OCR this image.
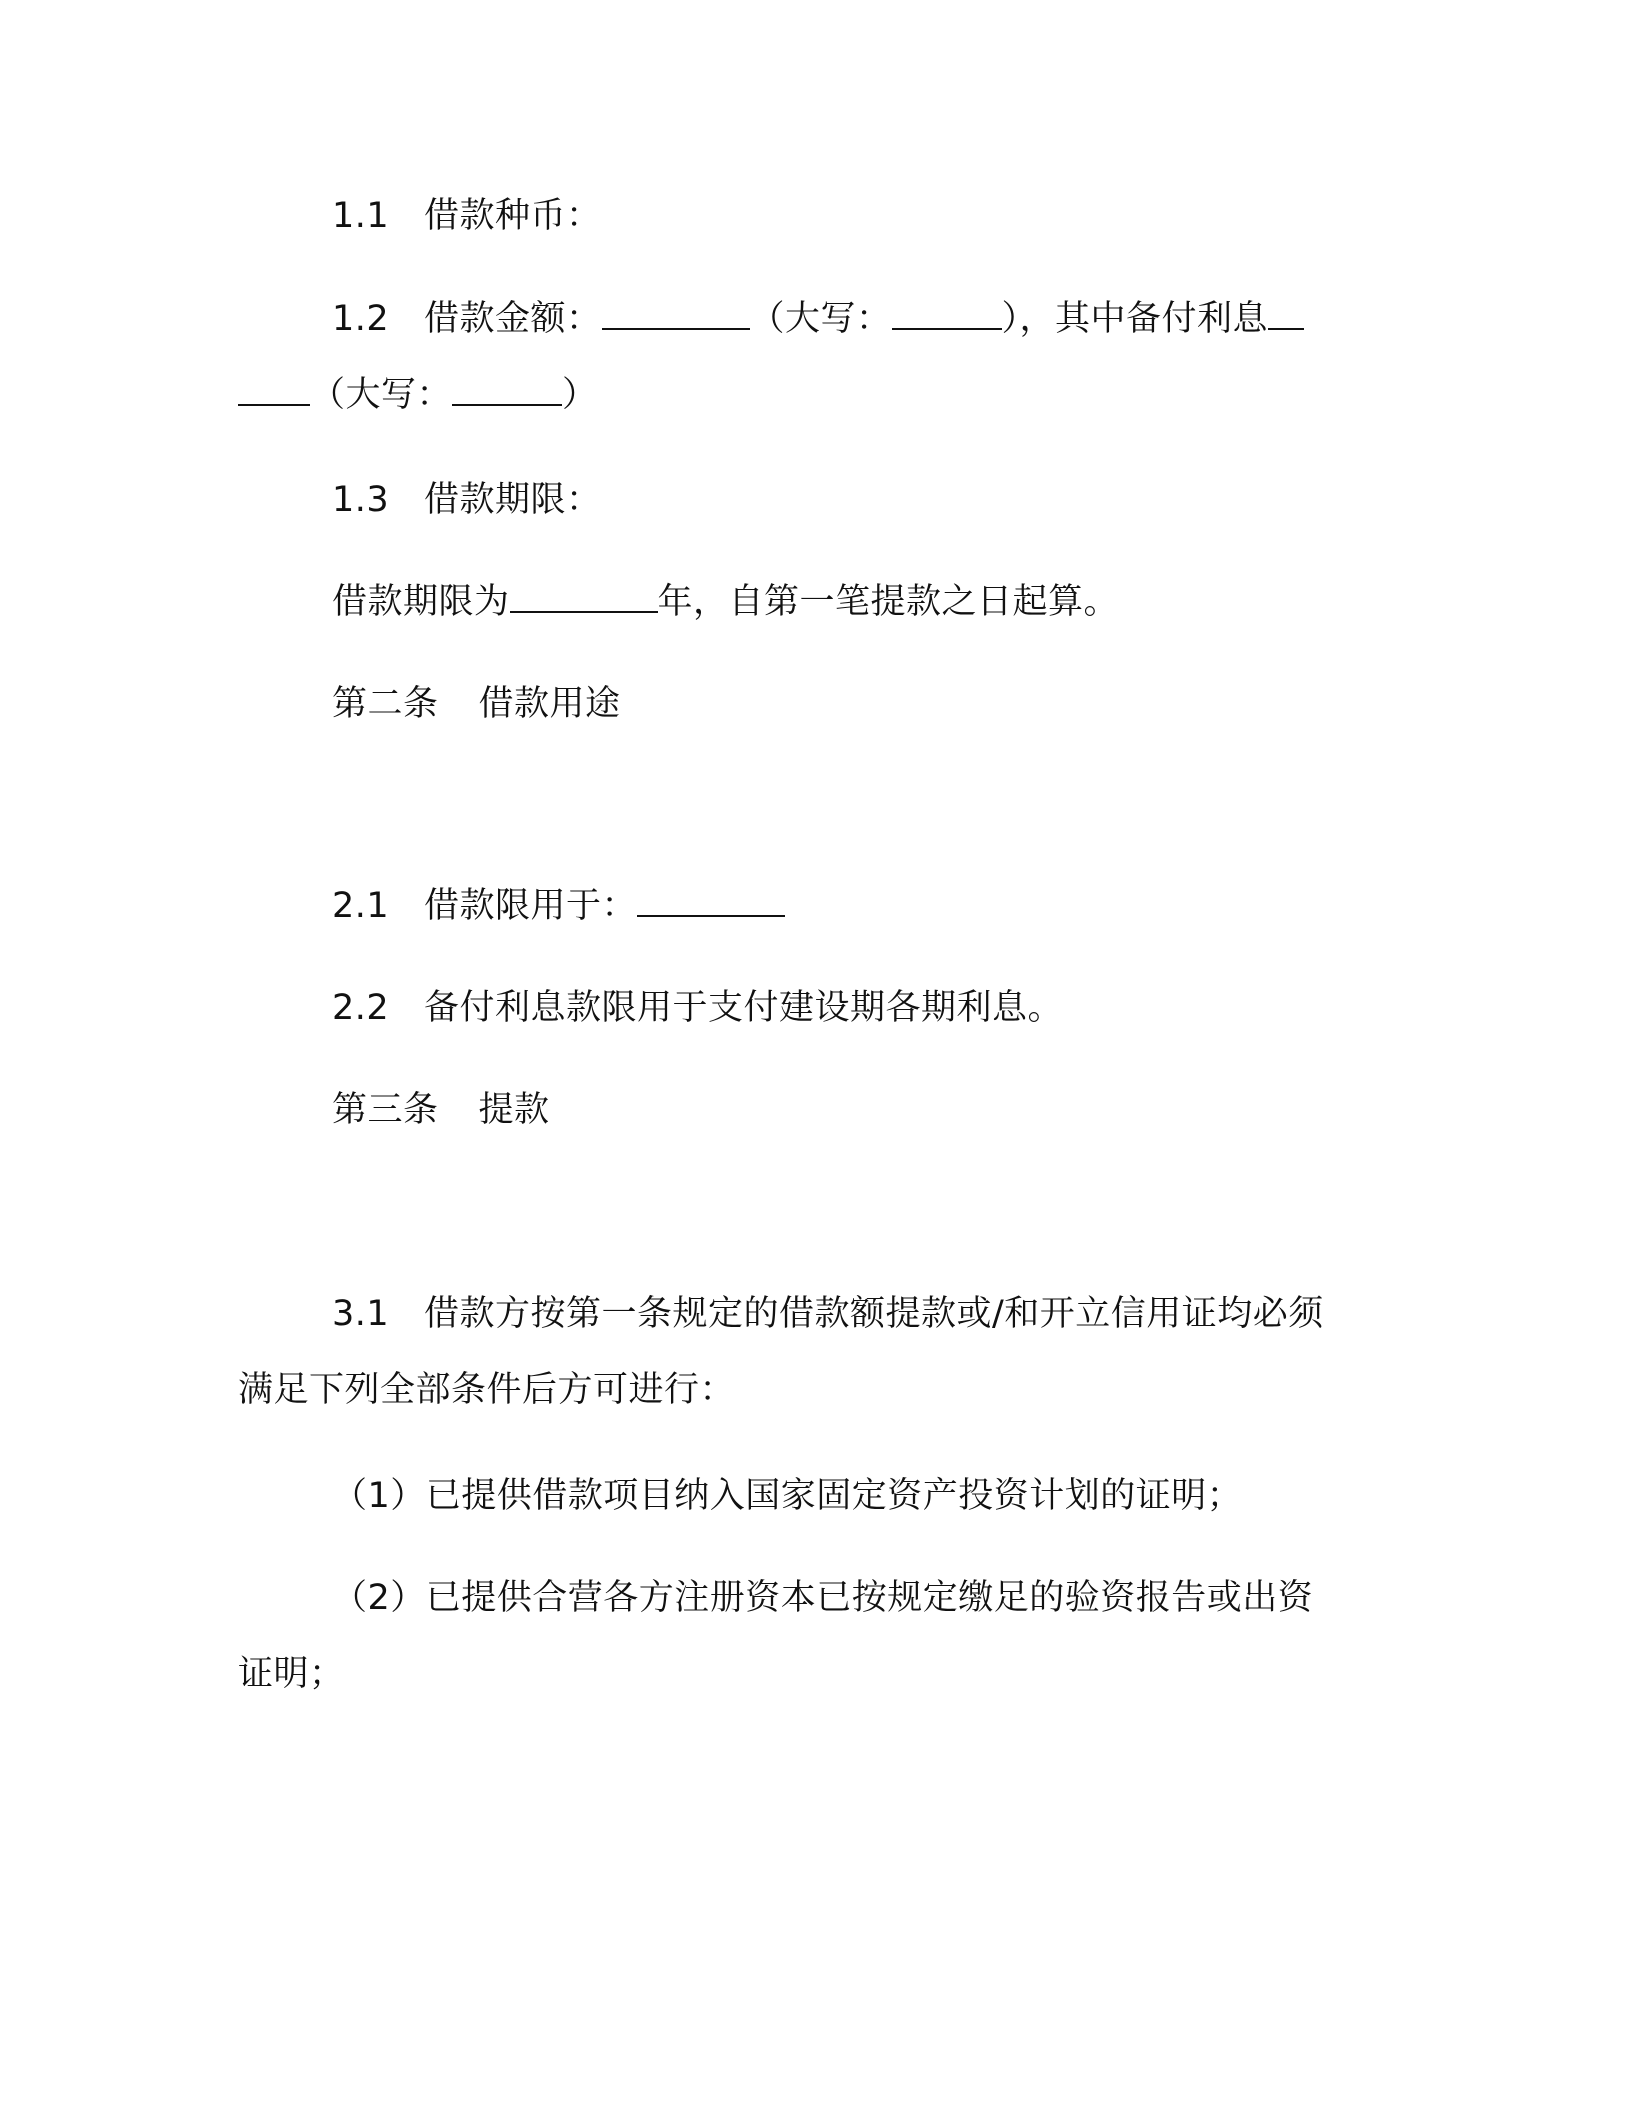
1.1 借款种币：
1.2 借款金额：	（大写：	），其中备付利息
（大写：	）
1.3 借款期限：
借款期限为	年，自第一笔提款之日起算。
第二条 借款用途
2.1 借款限用于：
2.2 备付利息款限用于支付建设期各期利息。
第三条 提款
3.1 借款方按第一条规定的借款额提款或/和开立信用证均必须
满足下列全部条件后方可进行：
（1）已提供借款项目纳入国家固定资产投资计划的证明；
（2）已提供合营各方注册资本已按规定缴足的验资报告或出资
证明；
